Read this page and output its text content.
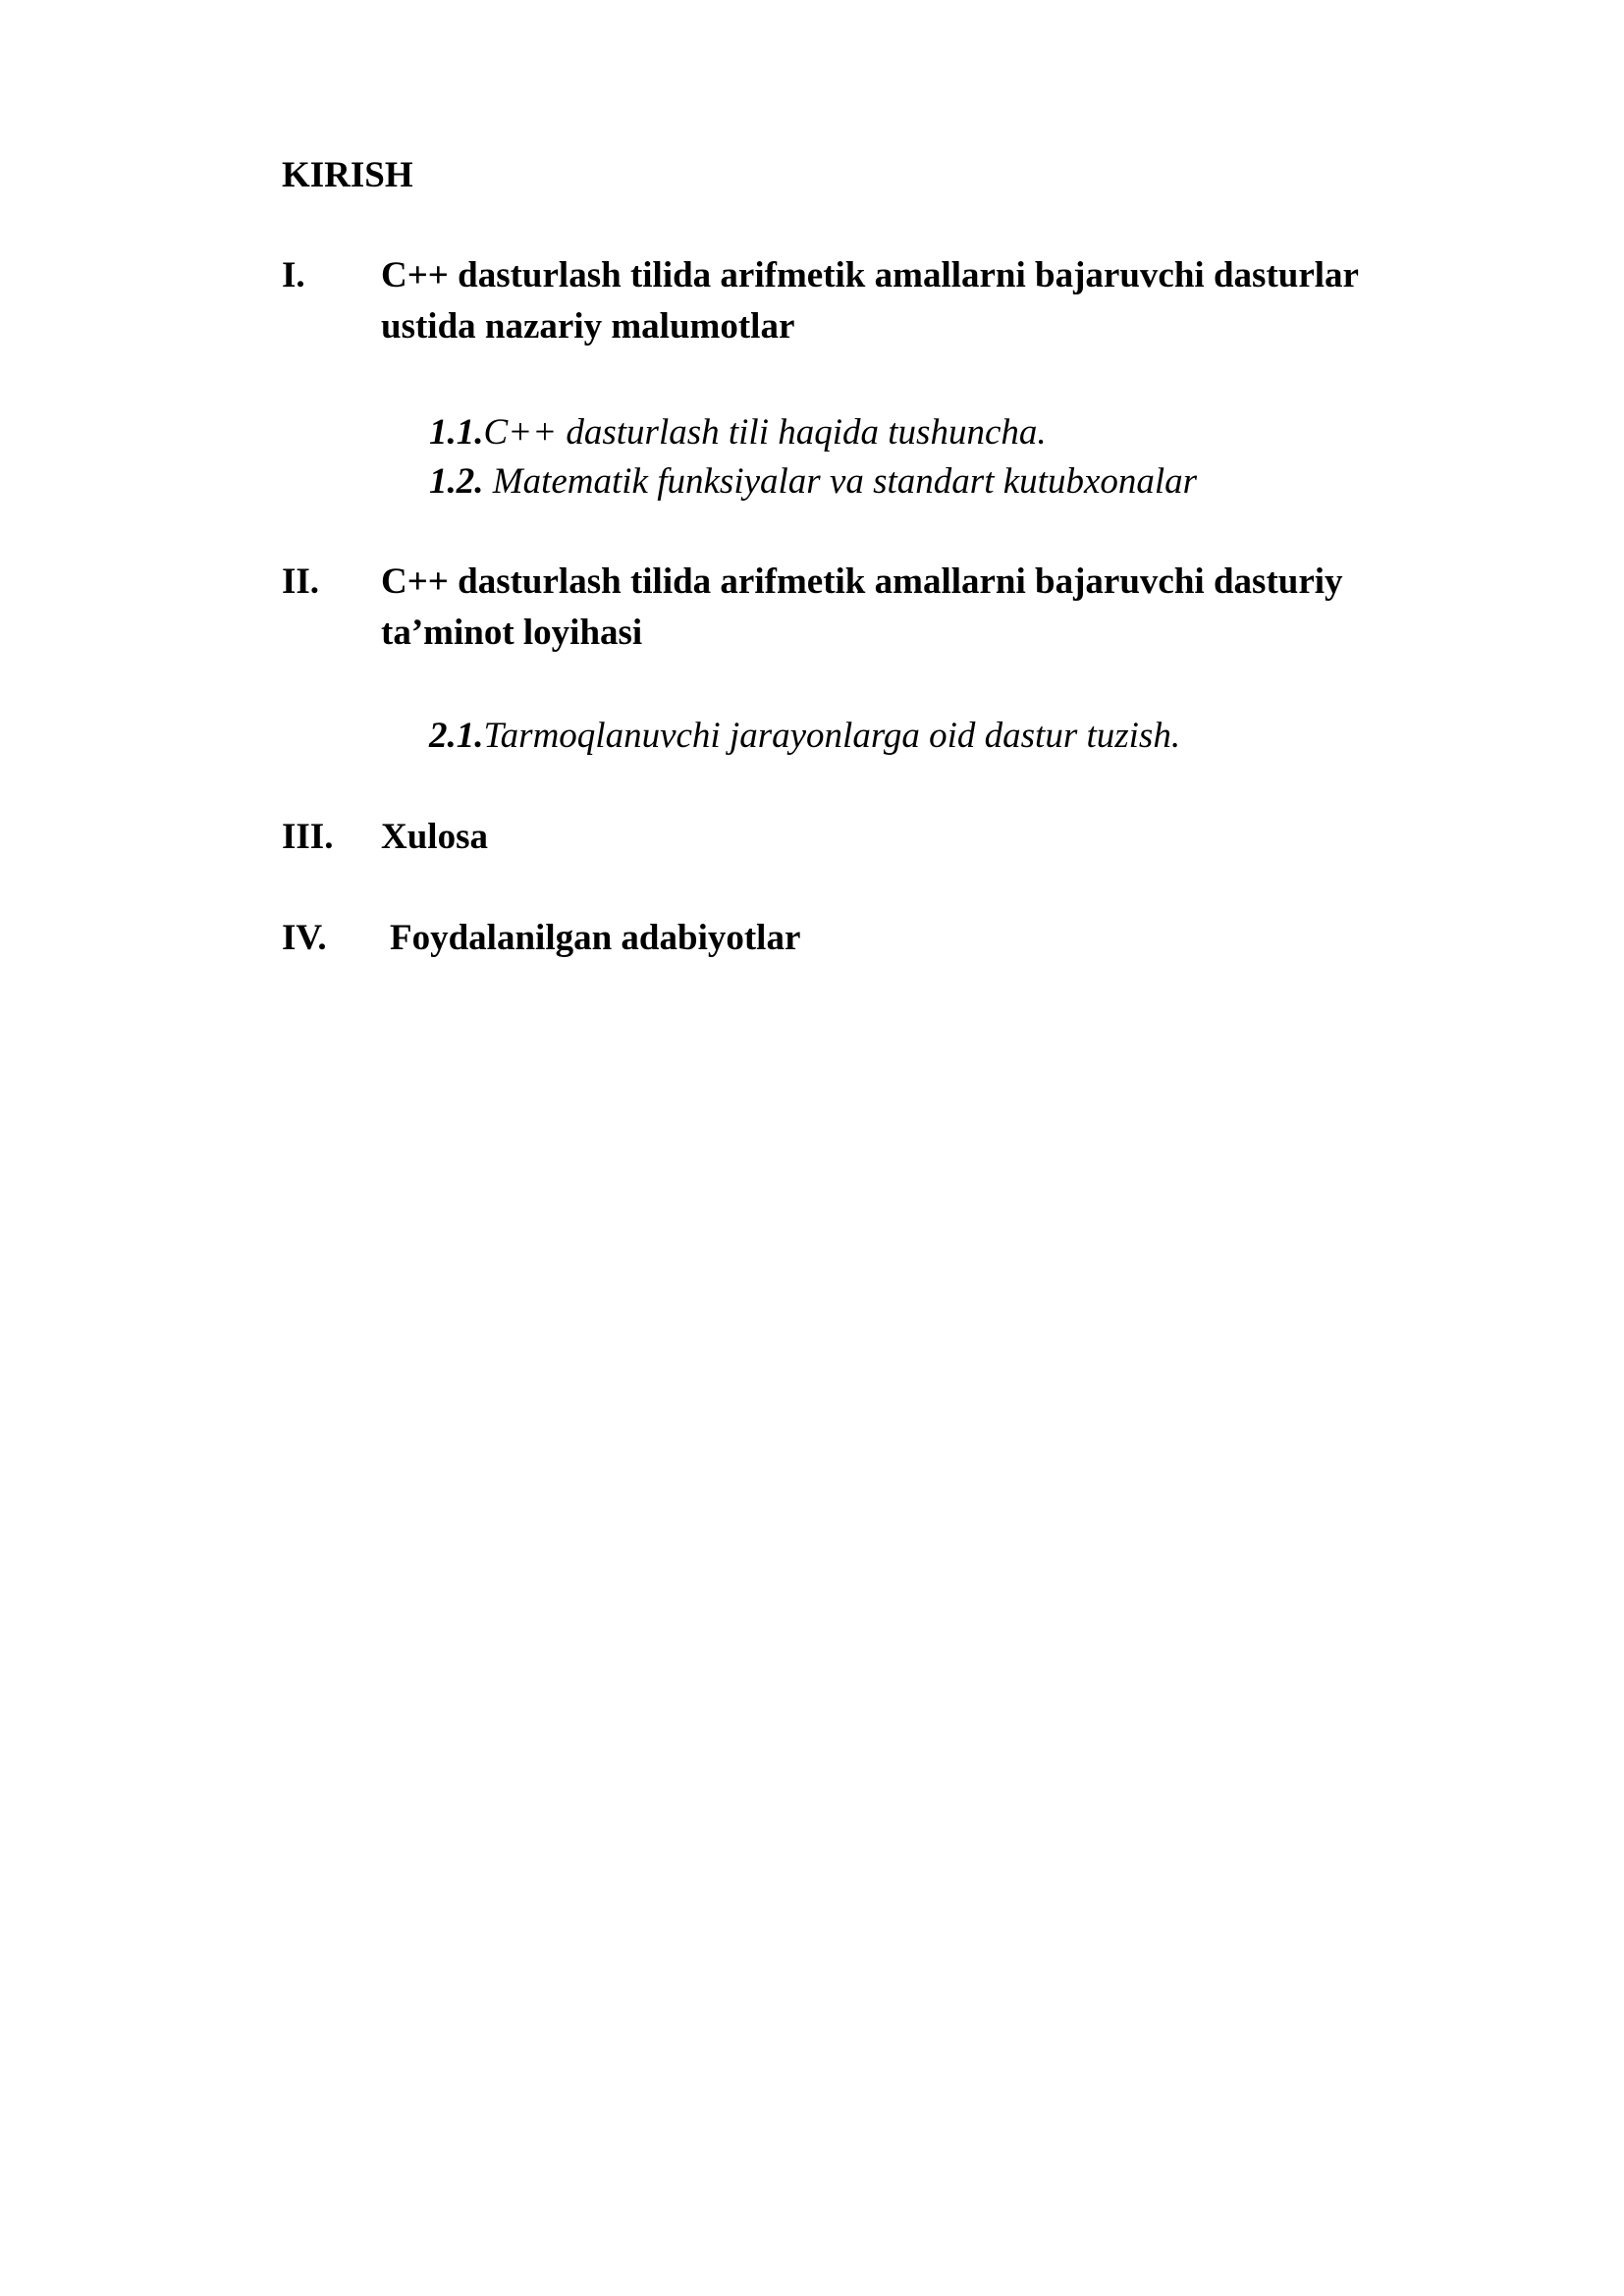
KIRISH
I. C++ dasturlash tilida arifmetik amallarni bajaruvchi dasturlar
ustida nazariy malumotlar
1.1.C++ dasturlash tili haqida tushuncha.
1.2. Matematik funksiyalar va standart kutubxonalar
II. C++ dasturlash tilida arifmetik amallarni bajaruvchi dasturiy
ta’minot loyihasi
2.1.Tarmoqlanuvchi jarayonlarga oid dastur tuzish.
III. Xulosa
IV. Foydalanilgan adabiyotlar
